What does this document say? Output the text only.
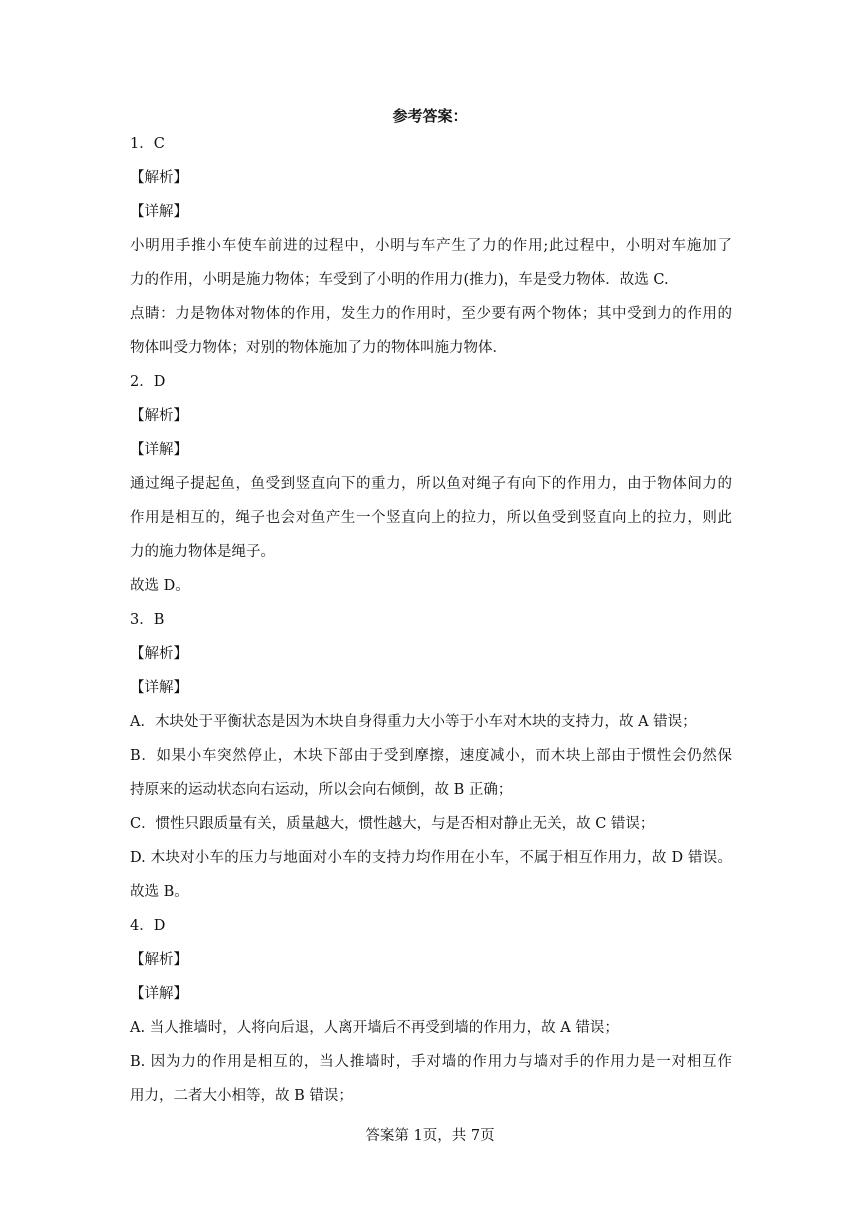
参考答案：
1．C
【解析】
【详解】
小明用手推小车使车前进的过程中，小明与车产生了力的作用;此过程中，小明对车施加了
力的作用，小明是施力物体；车受到了小明的作用力(推力)，车是受力物体．故选 C.
点睛：力是物体对物体的作用，发生力的作用时，至少要有两个物体；其中受到力的作用的
物体叫受力物体；对别的物体施加了力的物体叫施力物体．
2．D
【解析】
【详解】
通过绳子提起鱼，鱼受到竖直向下的重力，所以鱼对绳子有向下的作用力，由于物体间力的
作用是相互的，绳子也会对鱼产生一个竖直向上的拉力，所以鱼受到竖直向上的拉力，则此
力的施力物体是绳子。
故选 D。
3．B
【解析】
【详解】
A．木块处于平衡状态是因为木块自身得重力大小等于小车对木块的支持力，故 A 错误；
B．如果小车突然停止，木块下部由于受到摩擦，速度减小，而木块上部由于惯性会仍然保
持原来的运动状态向右运动，所以会向右倾倒，故 B 正确；
C．惯性只跟质量有关，质量越大，惯性越大，与是否相对静止无关，故 C 错误；
D. 木块对小车的压力与地面对小车的支持力均作用在小车，不属于相互作用力，故 D 错误。
故选 B。
4．D
【解析】
【详解】
A. 当人推墙时，人将向后退，人离开墙后不再受到墙的作用力，故 A 错误；
B. 因为力的作用是相互的，当人推墙时，手对墙的作用力与墙对手的作用力是一对相互作
用力，二者大小相等，故 B 错误；
答案第 1页，共 7页
